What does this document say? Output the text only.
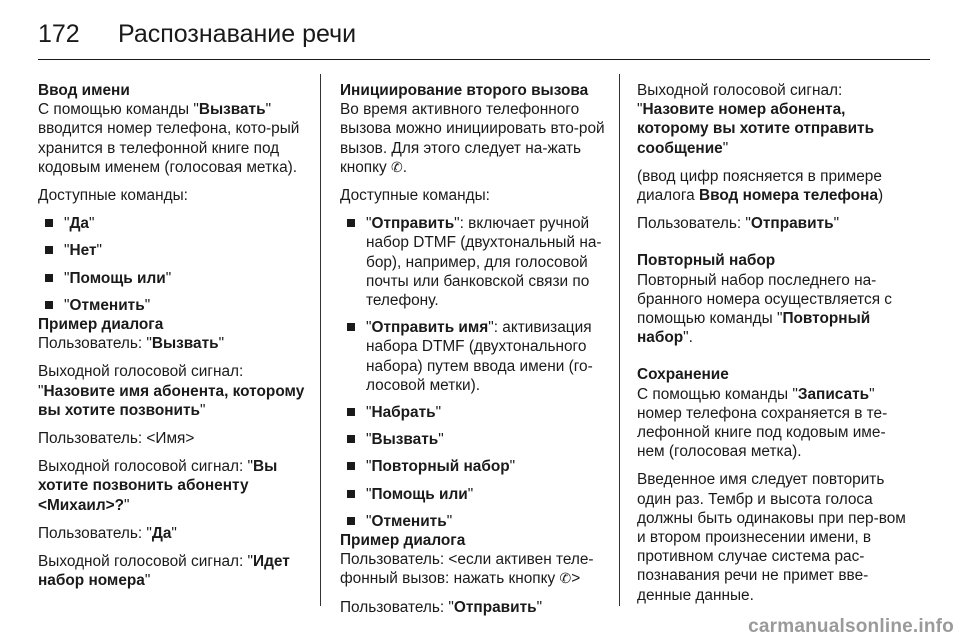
172	Распознавание речи
Ввод имени

С помощью команды "Вызвать" вводится номер телефона, кото-рый хранится в телефонной книге под кодовым именем (голосовая метка).

Доступные команды:

"Да"
"Нет"
"Помощь или"
"Отменить"
Пример диалога

Пользователь: "Вызвать"

Выходной голосовой сигнал: "Назовите имя абонента, которому вы хотите позвонить"

Пользователь: <Имя>

Выходной голосовой сигнал: "Вы хотите позвонить абоненту <Михаил>?"

Пользователь: "Да"

Выходной голосовой сигнал: "Идет набор номера"

Инициирование второго вызова

Во время активного телефонного вызова можно инициировать вто-рой вызов. Для этого следует на-жать кнопку ✆.

Доступные команды:

"Отправить": включает ручной набор DTMF (двухтональный на-бор), например, для голосовой почты или банковской связи по телефону.
"Отправить имя": активизация набора DTMF (двухтонального набора) путем ввода имени (го-лосовой метки).
"Набрать"
"Вызвать"
"Повторный набор"
"Помощь или"
"Отменить"
Пример диалога

Пользователь: <если активен теле-фонный вызов: нажать кнопку ✆>

Пользователь: "Отправить"

Выходной голосовой сигнал: "Назовите номер абонента, которому вы хотите отправить сообщение"

(ввод цифр поясняется в примере диалога Ввод номера телефона)

Пользователь: "Отправить"

Повторный набор

Повторный набор последнего на-бранного номера осуществляется с помощью команды "Повторный набор".

Сохранение

С помощью команды "Записать" номер телефона сохраняется в те-лефонной книге под кодовым име-нем (голосовая метка).

Введенное имя следует повторить один раз. Тембр и высота голоса должны быть одинаковы при пер-вом и втором произнесении имени, в противном случае система рас-познавания речи не примет вве-денные данные.

carmanualsonline.info
